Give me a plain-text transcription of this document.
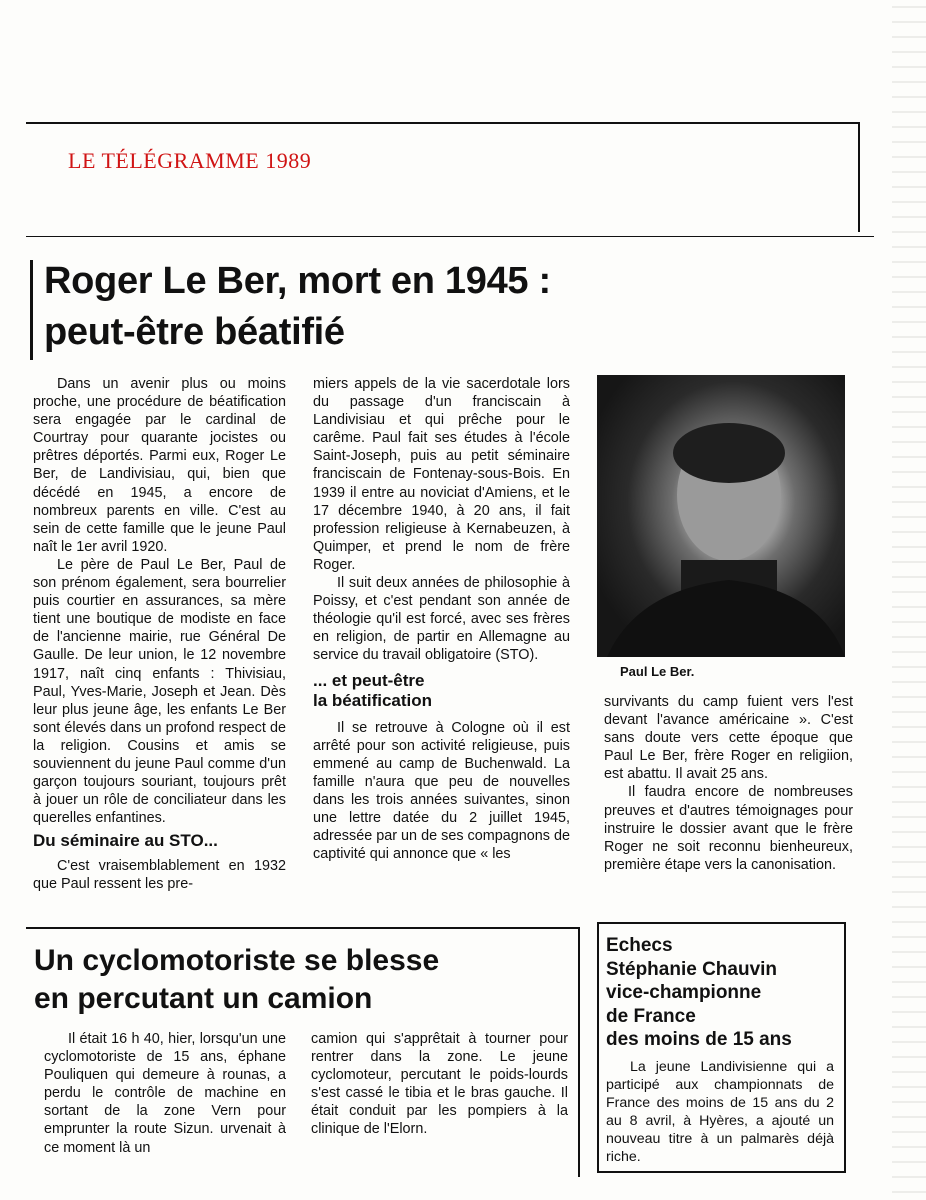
LE TÉLÉGRAMME 1989
Roger Le Ber, mort en 1945 :
peut-être béatifié

Dans un avenir plus ou moins proche, une procédure de béatification sera engagée par le cardinal de Courtray pour quarante jocistes ou prêtres déportés. Parmi eux, Roger Le Ber, de Landivisiau, qui, bien que décédé en 1945, a encore de nombreux parents en ville. C'est au sein de cette famille que le jeune Paul naît le 1er avril 1920.

Le père de Paul Le Ber, Paul de son prénom également, sera bourrelier puis courtier en assurances, sa mère tient une boutique de modiste en face de l'ancienne mairie, rue Général De Gaulle. De leur union, le 12 novembre 1917, naît cinq enfants : Thivisiau, Paul, Yves-Marie, Joseph et Jean. Dès leur plus jeune âge, les enfants Le Ber sont élevés dans un profond respect de la religion. Cousins et amis se souviennent du jeune Paul comme d'un garçon toujours souriant, toujours prêt à jouer un rôle de conciliateur dans les querelles enfantines.

Du séminaire au STO...

C'est vraisemblablement en 1932 que Paul ressent les pre-

miers appels de la vie sacerdotale lors du passage d'un franciscain à Landivisiau et qui prêche pour le carême. Paul fait ses études à l'école Saint-Joseph, puis au petit séminaire franciscain de Fontenay-sous-Bois. En 1939 il entre au noviciat d'Amiens, et le 17 décembre 1940, à 20 ans, il fait profession religieuse à Kernabeuzen, à Quimper, et prend le nom de frère Roger.

Il suit deux années de philosophie à Poissy, et c'est pendant son année de théologie qu'il est forcé, avec ses frères en religion, de partir en Allemagne au service du travail obligatoire (STO).

... et peut-être
la béatification

Il se retrouve à Cologne où il est arrêté pour son activité religieuse, puis emmené au camp de Buchenwald. La famille n'aura que peu de nouvelles dans les trois années suivantes, sinon une lettre datée du 2 juillet 1945, adressée par un de ses compagnons de captivité qui annonce que « les

Paul Le Ber.

survivants du camp fuient vers l'est devant l'avance américaine ». C'est sans doute vers cette époque que Paul Le Ber, frère Roger en religiion, est abattu. Il avait 25 ans.

Il faudra encore de nombreuses preuves et d'autres témoignages pour instruire le dossier avant que le frère Roger ne soit reconnu bienheureux, première étape vers la canonisation.

Un cyclomotoriste se blesse
en percutant un camion

Il était 16 h 40, hier, lorsqu'un une cyclomotoriste de 15 ans, éphane Pouliquen qui demeure à rounas, a perdu le contrôle de machine en sortant de la zone Vern pour emprunter la route Sizun. urvenait à ce moment là un

camion qui s'apprêtait à tourner pour rentrer dans la zone. Le jeune cyclomoteur, percutant le poids-lourds s'est cassé le tibia et le bras gauche. Il était conduit par les pompiers à la clinique de l'Elorn.

Echecs
Stéphanie Chauvin
vice-championne
de France
des moins de 15 ans

La jeune Landivisienne qui a participé aux championnats de France des moins de 15 ans du 2 au 8 avril, à Hyères, a ajouté un nouveau titre à un palmarès déjà riche.
